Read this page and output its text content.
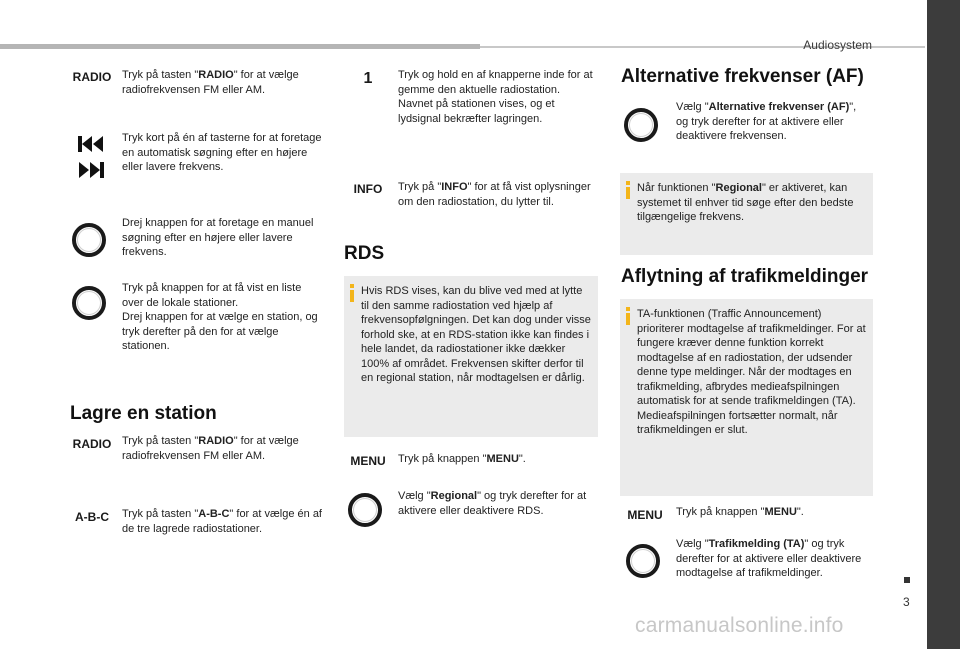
Audiosystem
3
carmanualsonline.info
RADIO Tryk på tasten "RADIO" for at vælge radiofrekvensen FM eller AM.
Tryk kort på én af tasterne for at foretage en automatisk søgning efter en højere eller lavere frekvens.
Drej knappen for at foretage en manuel søgning efter en højere eller lavere frekvens.
Tryk på knappen for at få vist en liste over de lokale stationer.
Drej knappen for at vælge en station, og tryk derefter på den for at vælge stationen.
Lagre en station
RADIO Tryk på tasten "RADIO" for at vælge radiofrekvensen FM eller AM.
A-B-C	Tryk på tasten "A-B-C" for at vælge én af de tre lagrede radiostationer.
1	Tryk og hold en af knapperne inde for at gemme den aktuelle radiostation.
Navnet på stationen vises, og et lydsignal bekræfter lagringen.
INFO	Tryk på "INFO" for at få vist oplysninger om den radiostation, du lytter til.
RDS
Hvis RDS vises, kan du blive ved med at lytte til den samme radiostation ved hjælp af frekvensopfølgningen. Det kan dog under visse forhold ske, at en RDS-station ikke kan findes i hele landet, da radiostationer ikke dækker 100% af området. Frekvensen skifter derfor til en regional station, når modtagelsen er dårlig.
MENU	Tryk på knappen "MENU".
Vælg "Regional" og tryk derefter for at aktivere eller deaktivere RDS.
Alternative frekvenser (AF)
Vælg "Alternative frekvenser (AF)", og tryk derefter for at aktivere eller deaktivere frekvensen.
Når funktionen "Regional" er aktiveret, kan systemet til enhver tid søge efter den bedste tilgængelige frekvens.
Aflytning af trafikmeldinger
TA-funktionen (Traffic Announcement) prioriterer modtagelse af trafikmeldinger. For at fungere kræver denne funktion korrekt modtagelse af en radiostation, der udsender denne type meldinger. Når der modtages en trafikmelding, afbrydes medieafspilningen automatisk for at sende trafikmeldingen (TA). Medieafspilningen fortsætter normalt, når trafikmeldingen er slut.
MENU	Tryk på knappen "MENU".
Vælg "Trafikmelding (TA)" og tryk derefter for at aktivere eller deaktivere modtagelse af trafikmeldinger.
